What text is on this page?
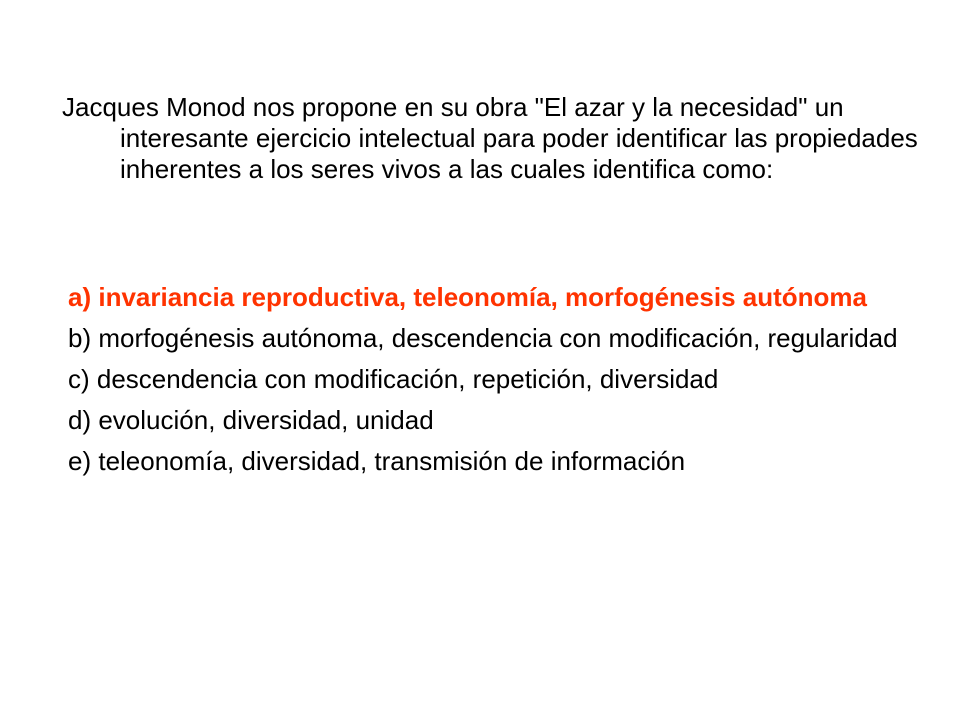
Jacques Monod nos propone en su obra "El azar y la necesidad" un interesante ejercicio intelectual para poder identificar las propiedades inherentes a los seres vivos a las cuales identifica como:

a) invariancia reproductiva, teleonomía, morfogénesis autónoma
b) morfogénesis autónoma, descendencia con modificación, regularidad
c) descendencia con modificación, repetición, diversidad
d) evolución, diversidad, unidad
e) teleonomía, diversidad, transmisión de información
